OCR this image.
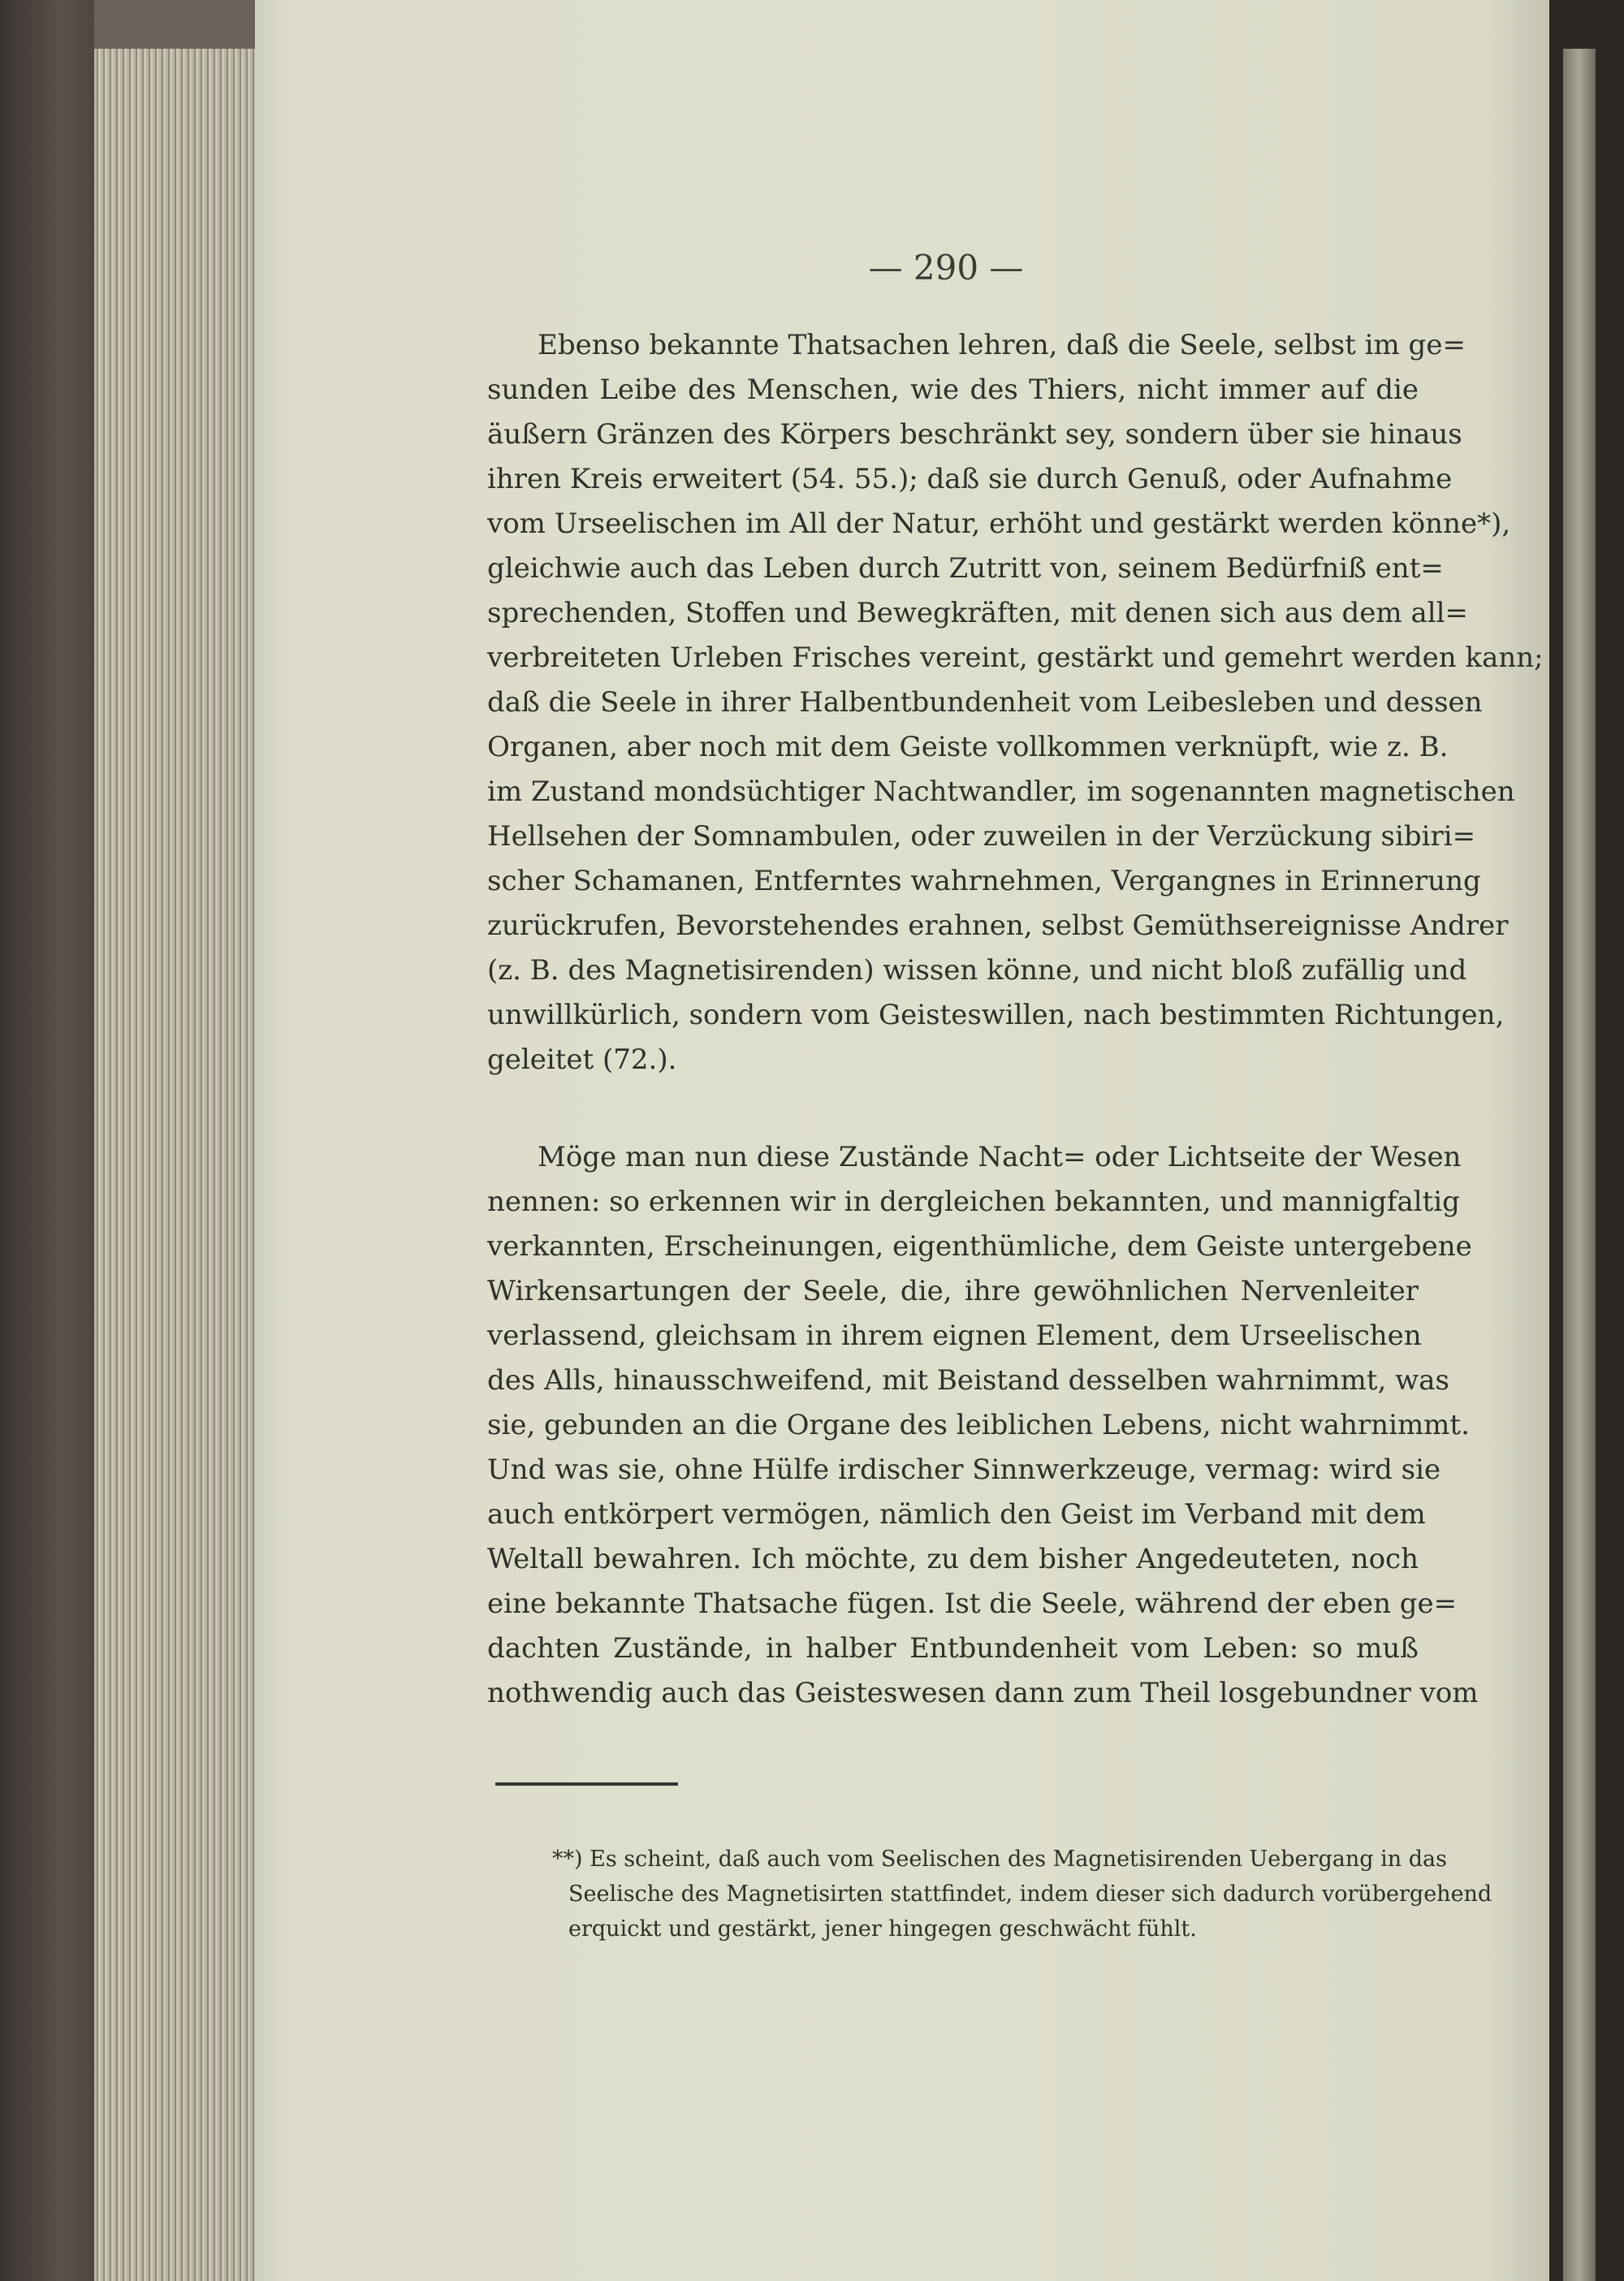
— 290 —
Ebenso bekannte Thatsachen lehren, daß die Seele, selbst im ge=
sunden Leibe des Menschen, wie des Thiers, nicht immer auf die
äußern Gränzen des Körpers beschränkt sey, sondern über sie hinaus
ihren Kreis erweitert (54. 55.); daß sie durch Genuß, oder Aufnahme
vom Urseelischen im All der Natur, erhöht und gestärkt werden könne*),
gleichwie auch das Leben durch Zutritt von, seinem Bedürfniß ent=
sprechenden, Stoffen und Bewegkräften, mit denen sich aus dem all=
verbreiteten Urleben Frisches vereint, gestärkt und gemehrt werden kann;
daß die Seele in ihrer Halbentbundenheit vom Leibesleben und dessen
Organen, aber noch mit dem Geiste vollkommen verknüpft, wie z. B.
im Zustand mondsüchtiger Nachtwandler, im sogenannten magnetischen
Hellsehen der Somnambulen, oder zuweilen in der Verzückung sibiri=
scher Schamanen, Entferntes wahrnehmen, Vergangnes in Erinnerung
zurückrufen, Bevorstehendes erahnen, selbst Gemüthsereignisse Andrer
(z. B. des Magnetisirenden) wissen könne, und nicht bloß zufällig und
unwillkürlich, sondern vom Geisteswillen, nach bestimmten Richtungen,
geleitet (72.).
Möge man nun diese Zustände Nacht= oder Lichtseite der Wesen
nennen: so erkennen wir in dergleichen bekannten, und mannigfaltig
verkannten, Erscheinungen, eigenthümliche, dem Geiste untergebene
Wirkensartungen der Seele, die, ihre gewöhnlichen Nervenleiter
verlassend, gleichsam in ihrem eignen Element, dem Urseelischen
des Alls, hinausschweifend, mit Beistand desselben wahrnimmt, was
sie, gebunden an die Organe des leiblichen Lebens, nicht wahrnimmt.
Und was sie, ohne Hülfe irdischer Sinnwerkzeuge, vermag: wird sie
auch entkörpert vermögen, nämlich den Geist im Verband mit dem
Weltall bewahren. Ich möchte, zu dem bisher Angedeuteten, noch
eine bekannte Thatsache fügen. Ist die Seele, während der eben ge=
dachten Zustände, in halber Entbundenheit vom Leben: so muß
nothwendig auch das Geisteswesen dann zum Theil losgebundner vom
**) Es scheint, daß auch vom Seelischen des Magnetisirenden Uebergang in das
Seelische des Magnetisirten stattfindet, indem dieser sich dadurch vorübergehend
erquickt und gestärkt, jener hingegen geschwächt fühlt.
